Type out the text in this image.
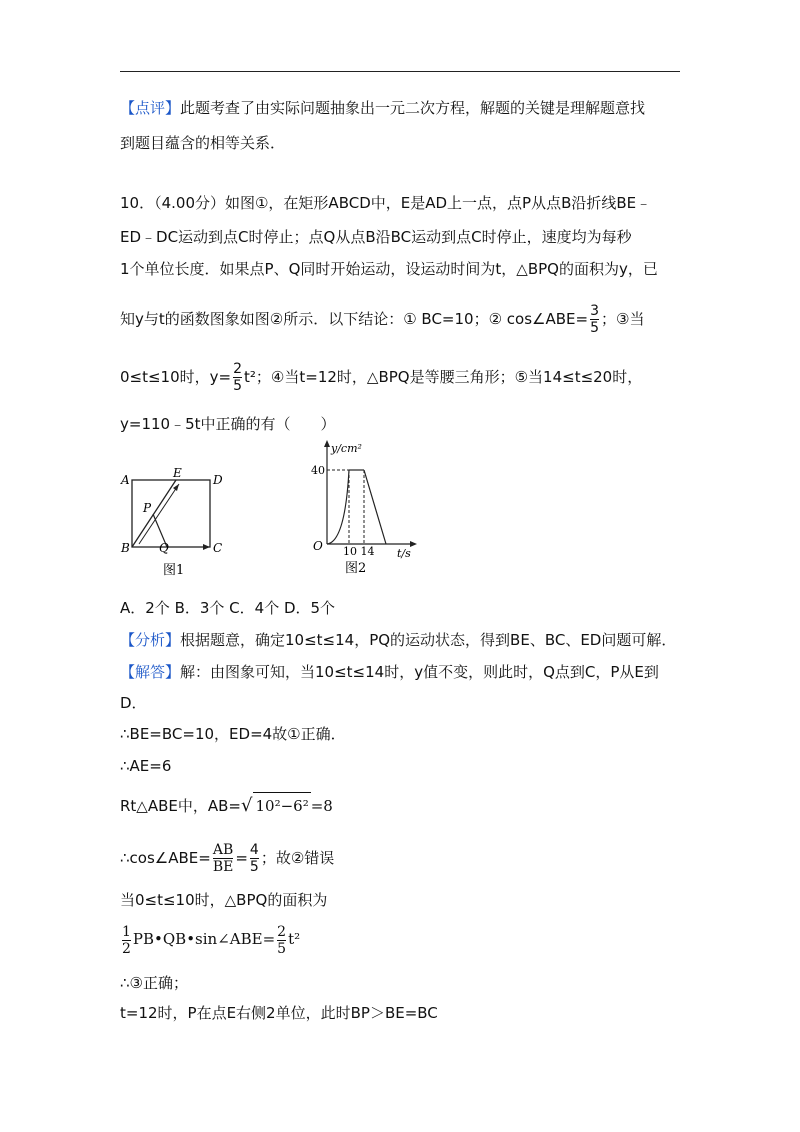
【点评】此题考查了由实际问题抽象出一元二次方程，解题的关键是理解题意找
到题目蕴含的相等关系．
10．（4.00分）如图①，在矩形ABCD中，E是AD上一点，点P从点B沿折线BE﹣
ED﹣DC运动到点C时停止；点Q从点B沿BC运动到点C时停止，速度均为每秒
1个单位长度．如果点P、Q同时开始运动，设运动时间为t，△BPQ的面积为y，已
知y与t的函数图象如图②所示．以下结论：① BC=10；② cos∠ABE= $\frac{3}{5}$ ；③当
0≤t≤10时，$y= \frac{2}{5} t^2$；④当t=12时，△BPQ是等腰三角形；⑤当14≤t≤20时，
y=110﹣5t中正确的有（　　）
A	E	D
P
B Q	C
图1
y/cm²
40
O 10 14 t/s
图2
A．2个 B．3个 C．4个 D．5个
【分析】根据题意，确定10≤t≤14，PQ的运动状态，得到BE、BC、ED问题可解．
【解答】解：由图象可知，当10≤t≤14时，y值不变，则此时，Q点到C，P从E到
D．
∴BE=BC=10，ED=4故①正确．
∴AE=6
Rt△ABE中，AB=√ 10²−6² =8
∴cos∠ABE= $\frac{AB}{BE} = \frac{4}{5}$ ；故②错误
当0≤t≤10时，△BPQ的面积为
$\frac{1}{2}$ PB•QB•sin∠ABE= $\frac{2}{5} t^2$
∴③正确；
t=12时，P在点E右侧2单位，此时BP＞BE=BC
